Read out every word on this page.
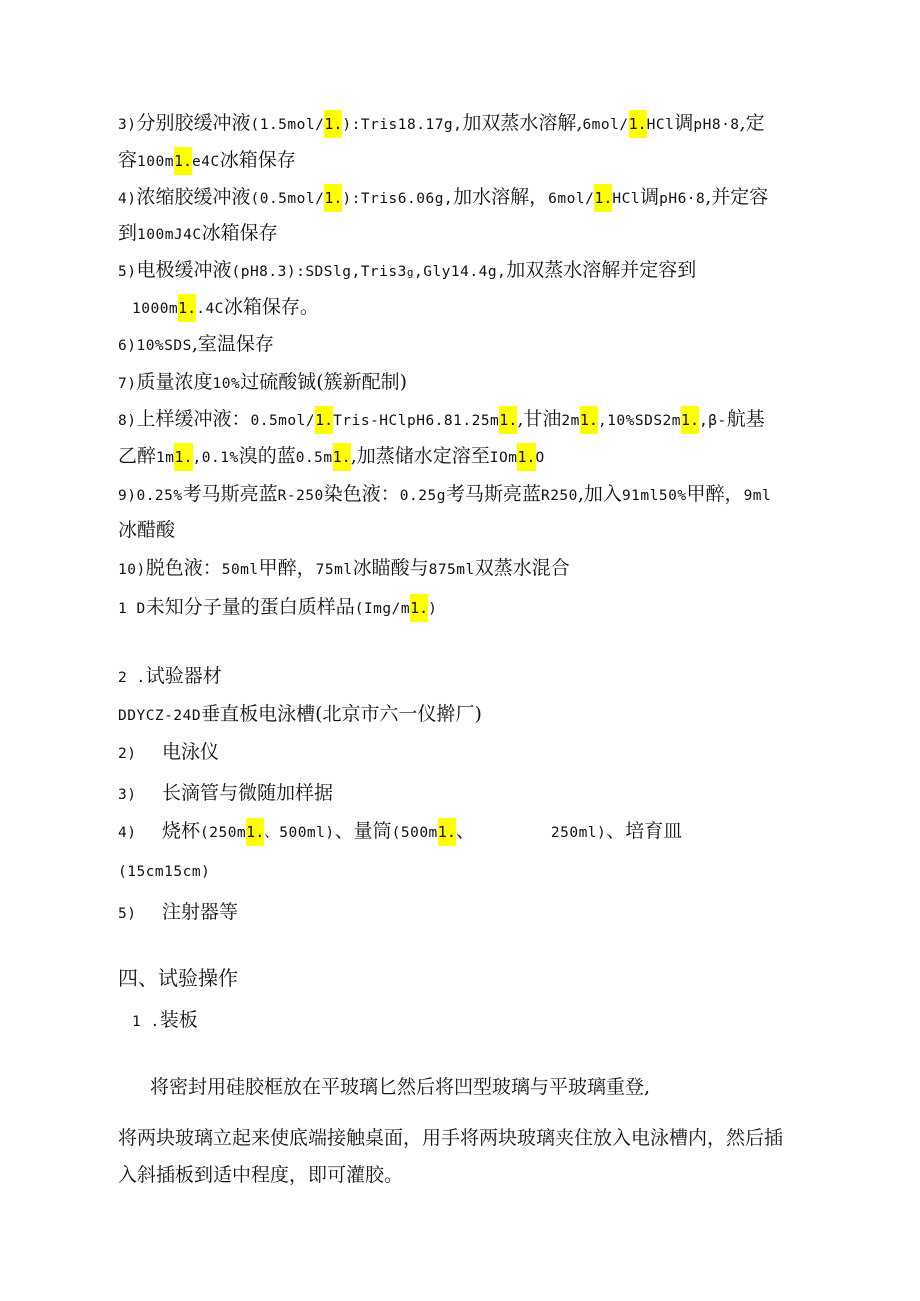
3)分别胶缓冲液(1.5mol/1.):Tris18.17g,加双蒸水溶解,6mol/1.HCl调pH8·8,定
容100m1.e4C冰箱保存
4)浓缩胶缓冲液(0.5mol/1.):Tris6.06g,加水溶解，6mol/1.HCl调pH6·8,并定容
到100mJ4C冰箱保存
5)电极缓冲液(pH8.3):SDSlg,Tris3g,Gly14.4g,加双蒸水溶解并定容到
1000m1..4C冰箱保存。
6)10%SDS,室温保存
7)质量浓度10%过硫酸铖(簇新配制)
8)上样缓冲液：0.5mol/1.Tris-HClpH6.81.25m1.,甘油2m1.,10%SDS2m1.,β-航基
乙醉1m1.,0.1%溴的蓝0.5m1.,加蒸储水定溶至IOm1.O
9)0.25%考马斯亮蓝R-250染色液：0.25g考马斯亮蓝R250,加入91ml50%甲醉，9ml
冰醋酸
10)脱色液：50ml甲醉，75ml冰瞄酸与875ml双蒸水混合
1 D未知分子量的蛋白质样品(Img/m1.)
2 .试验器材
DDYCZ-24D垂直板电泳槽(北京市六一仪擀厂)
2) 电泳仪
3) 长滴管与微随加样据
4) 烧杯(250m1.、500ml)、量筒(500m1.、	250ml)、培育皿
(15cm15cm)
5) 注射器等
四、试验操作
1 .装板
将密封用硅胶框放在平玻璃匕然后将凹型玻璃与平玻璃重登,
将两块玻璃立起来使底端接触桌面，用手将两块玻璃夹住放入电泳槽内，然后插
入斜插板到适中程度，即可灌胶。
